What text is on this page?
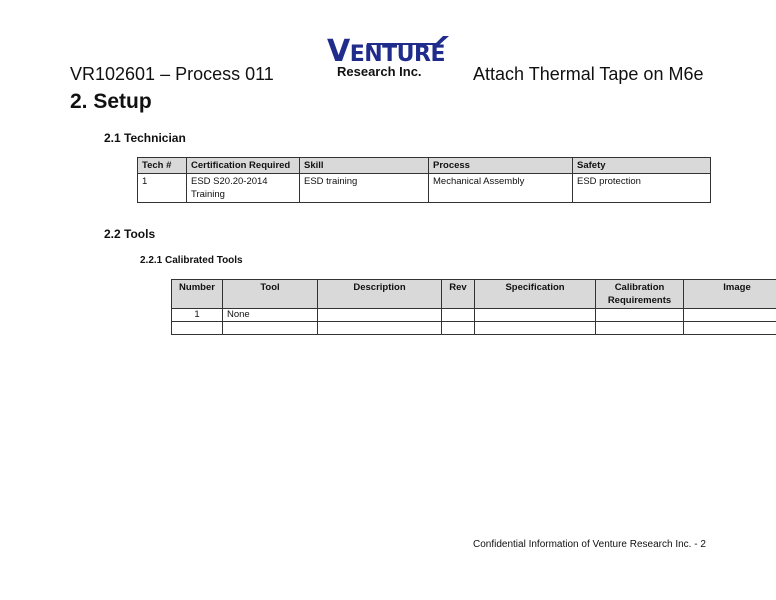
VR102601 – Process 011
VENTURE
Research Inc.	Attach Thermal Tape on M6e
2. Setup
2.1 Technician
Tech #	Certification Required	Skill	Process	Safety
1	ESD S20.20-2014 Training	ESD training	Mechanical Assembly	ESD protection
2.2 Tools
2.2.1 Calibrated Tools
Number	Tool	Description	Rev	Specification	Calibration Requirements	Image
1	None					

Confidential Information of Venture Research Inc. - 2
